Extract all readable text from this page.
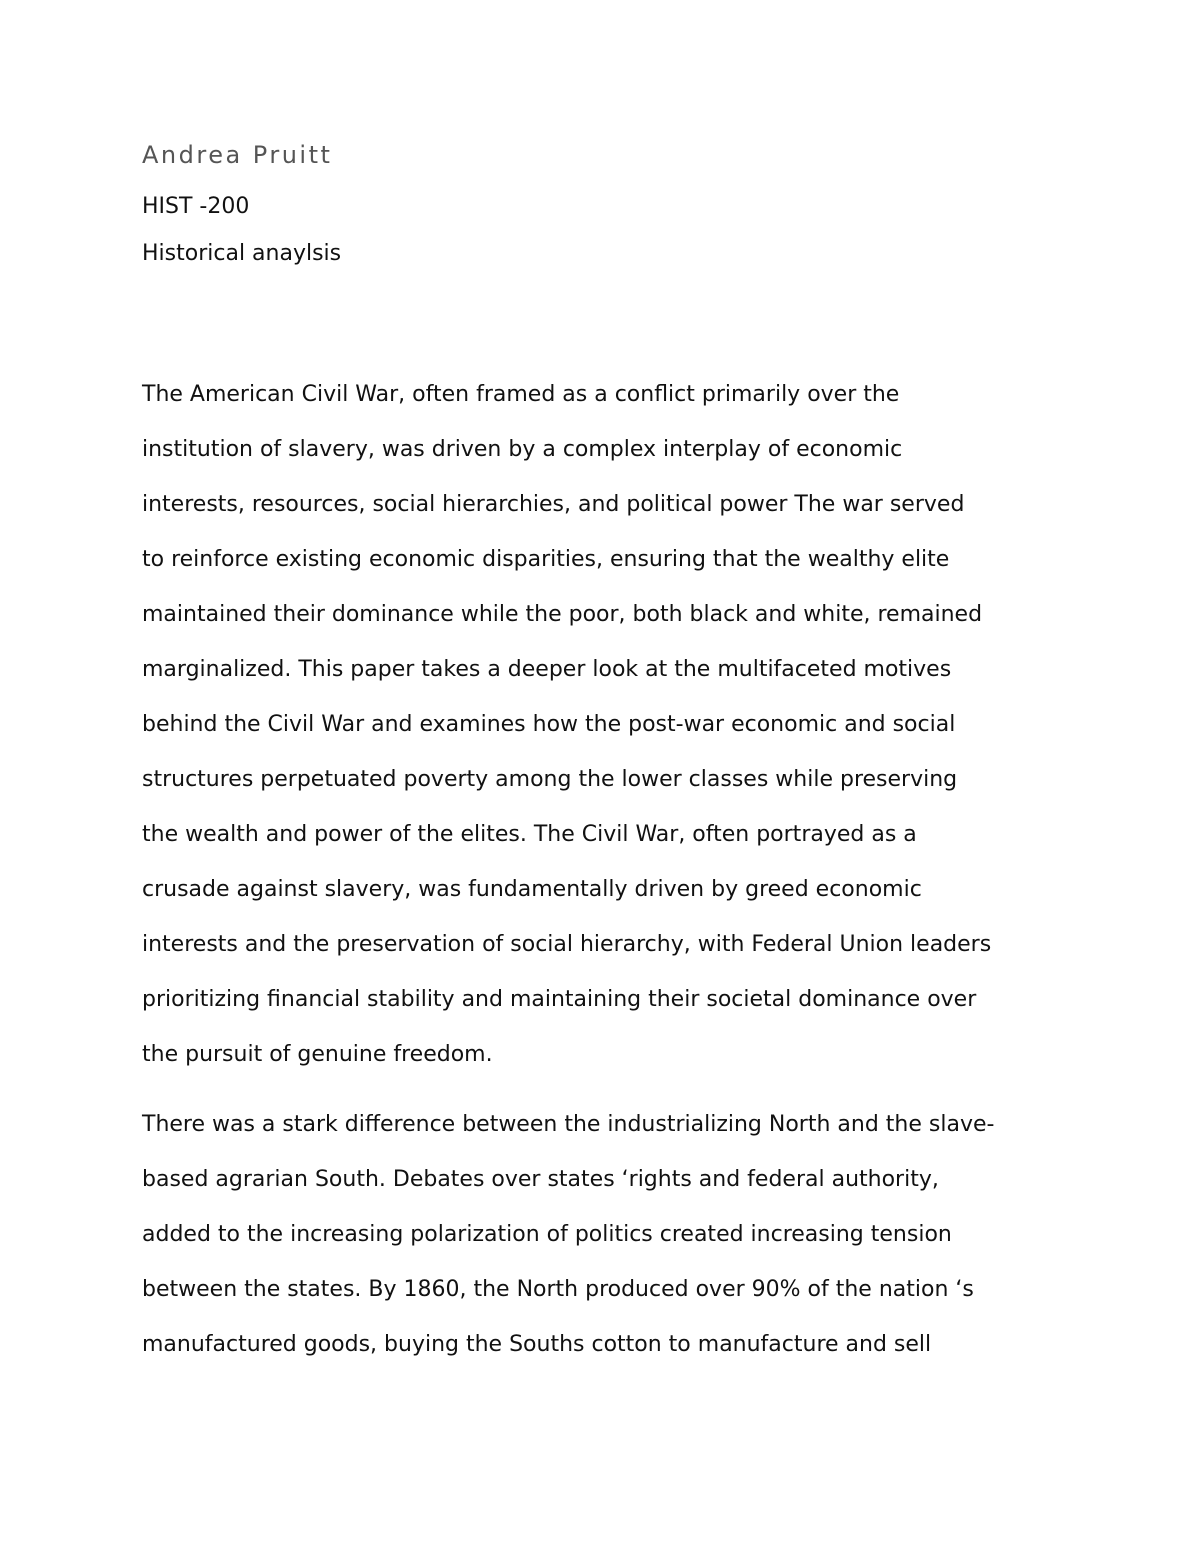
Andrea Pruitt
HIST -200
Historical anaylsis
The American Civil War, often framed as a conflict primarily over the
institution of slavery, was driven by a complex interplay of economic
interests, resources, social hierarchies, and political power The war served
to reinforce existing economic disparities, ensuring that the wealthy elite
maintained their dominance while the poor, both black and white, remained
marginalized. This paper takes a deeper look at the multifaceted motives
behind the Civil War and examines how the post-war economic and social
structures perpetuated poverty among the lower classes while preserving
the wealth and power of the elites. The Civil War, often portrayed as a
crusade against slavery, was fundamentally driven by greed economic
interests and the preservation of social hierarchy, with Federal Union leaders
prioritizing financial stability and maintaining their societal dominance over
the pursuit of genuine freedom.
There was a stark difference between the industrializing North and the slave-
based agrarian South. Debates over states ‘rights and federal authority,
added to the increasing polarization of politics created increasing tension
between the states. By 1860, the North produced over 90% of the nation ‘s
manufactured goods, buying the Souths cotton to manufacture and sell
